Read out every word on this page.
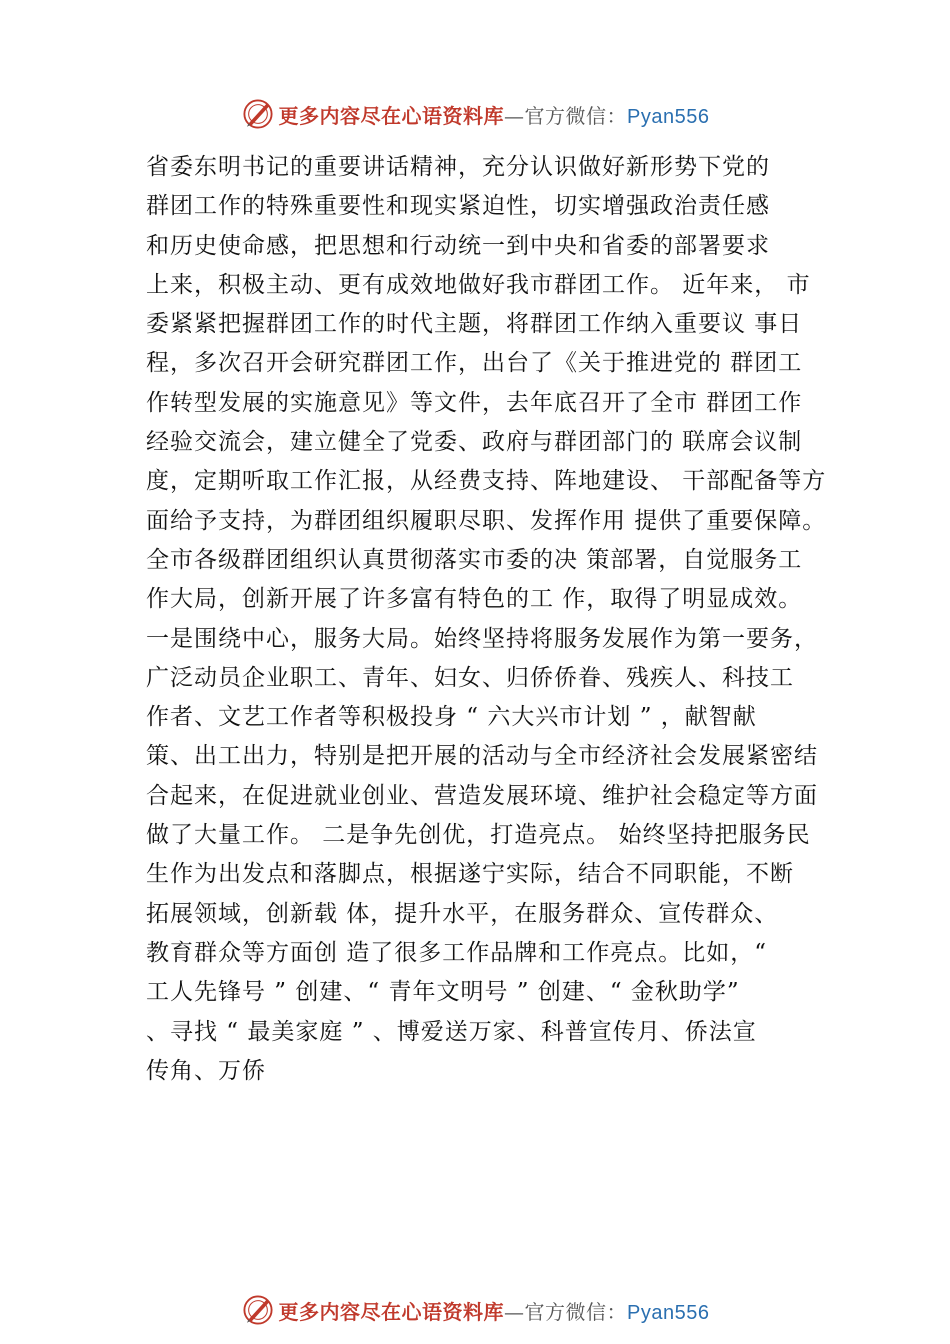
更多内容尽在心语资料库—官方微信：Pyan556
省委东明书记的重要讲话精神，充分认识做好新形势下党的
群团工作的特殊重要性和现实紧迫性，切实增强政治责任感
和历史使命感，把思想和行动统一到中央和省委的部署要求
上来，积极主动、更有成效地做好我市群团工作。 近年来， 市
委紧紧把握群团工作的时代主题，将群团工作纳入重要议 事日
程，多次召开会研究群团工作，出台了《关于推进党的 群团工
作转型发展的实施意见》等文件，去年底召开了全市 群团工作
经验交流会，建立健全了党委、政府与群团部门的 联席会议制
度，定期听取工作汇报，从经费支持、阵地建设、 干部配备等方
面给予支持，为群团组织履职尽职、发挥作用 提供了重要保障。
全市各级群团组织认真贯彻落实市委的决 策部署，自觉服务工
作大局，创新开展了许多富有特色的工 作，取得了明显成效。
一是围绕中心，服务大局。始终坚持将服务发展作为第一要务，
广泛动员企业职工、青年、妇女、归侨侨眷、残疾人、科技工
作者、文艺工作者等积极投身 “ 六大兴市计划 ” ，献智献
策、出工出力，特别是把开展的活动与全市经济社会发展紧密结
合起来，在促进就业创业、营造发展环境、维护社会稳定等方面
做了大量工作。 二是争先创优，打造亮点。 始终坚持把服务民
生作为出发点和落脚点，根据遂宁实际，结合不同职能，不断
拓展领域，创新载 体，提升水平，在服务群众、宣传群众、
教育群众等方面创 造了很多工作品牌和工作亮点。比如，“
工人先锋号 ” 创建、“ 青年文明号 ” 创建、“ 金秋助学”
、寻找 “ 最美家庭 ” 、博爱送万家、科普宣传月、侨法宣
传角、万侨
更多内容尽在心语资料库—官方微信：Pyan556
